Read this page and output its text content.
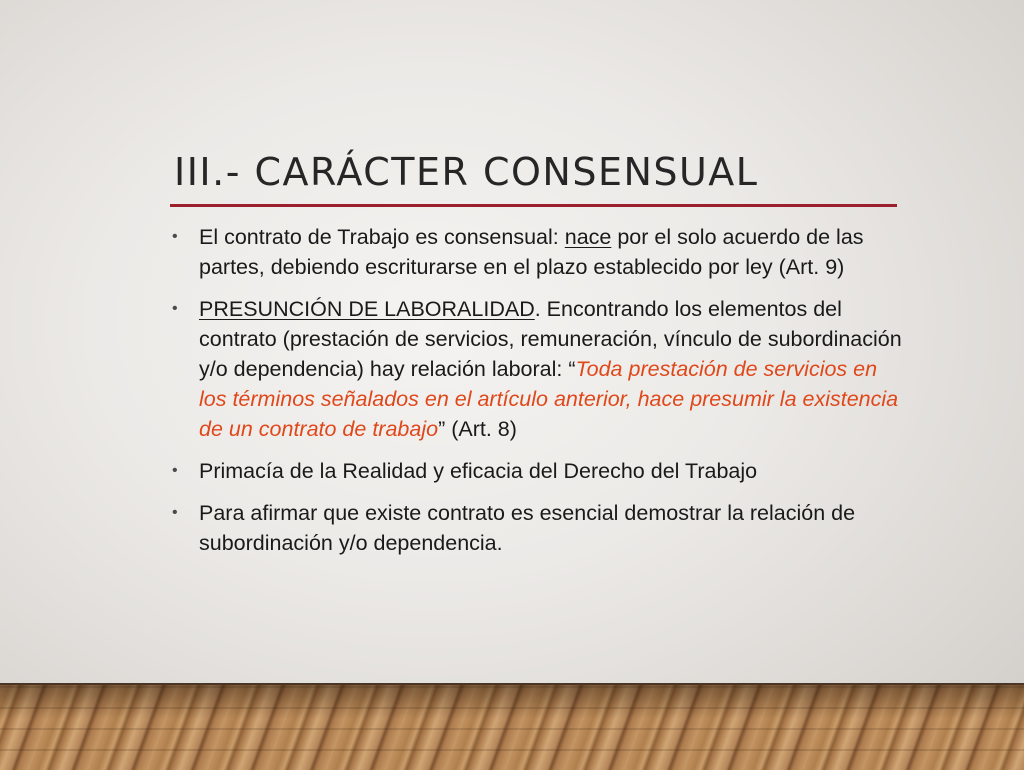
III.- CARÁCTER CONSENSUAL
• El contrato de Trabajo es consensual: nace por el solo acuerdo de las partes, debiendo escriturarse en el plazo establecido por ley (Art. 9)
• PRESUNCIÓN DE LABORALIDAD. Encontrando los elementos del contrato (prestación de servicios, remuneración, vínculo de subordinación y/o dependencia) hay relación laboral: “Toda prestación de servicios en los términos señalados en el artículo anterior, hace presumir la existencia de un contrato de trabajo” (Art. 8)
• Primacía de la Realidad y eficacia del Derecho del Trabajo
• Para afirmar que existe contrato es esencial demostrar la relación de subordinación y/o dependencia.
